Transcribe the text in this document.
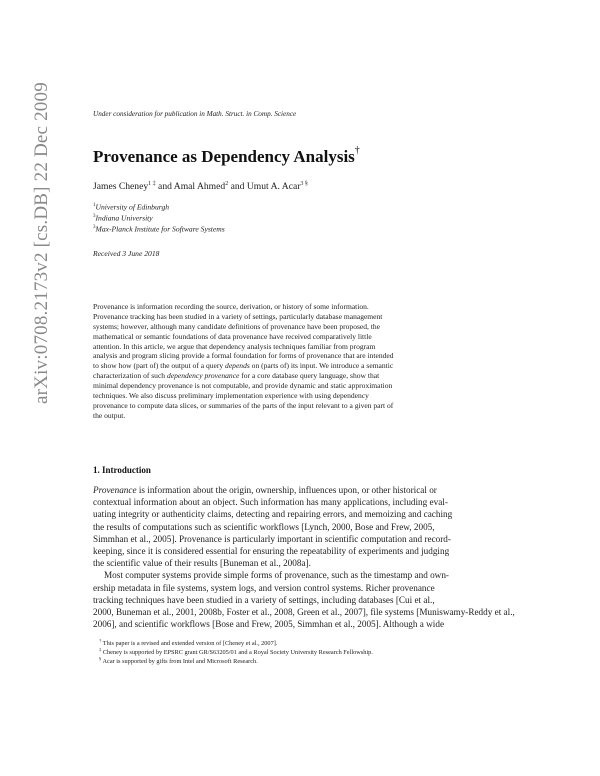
arXiv:0708.2173v2 [cs.DB] 22 Dec 2009	Under consideration for publication in Math. Struct. in Comp. Science
Provenance as Dependency Analysis†
James Cheney$^{1 \ddagger}$ and Amal Ahmed$^2$ and Umut A. Acar$^{3 \S}$
$^1$University of Edinburgh
$^3$Indiana University
$^3$Max-Planck Institute for Software Systems
Received 3 June 2018
Provenance is information recording the source, derivation, or history of some information.
Provenance tracking has been studied in a variety of settings, particularly database management
systems; however, although many candidate definitions of provenance have been proposed, the
mathematical or semantic foundations of data provenance have received comparatively little
attention. In this article, we argue that dependency analysis techniques familiar from program
analysis and program slicing provide a formal foundation for forms of provenance that are intended
to show how (part of) the output of a query depends on (parts of) its input. We introduce a semantic
characterization of such dependency provenance for a core database query language, show that
minimal dependency provenance is not computable, and provide dynamic and static approximation
techniques. We also discuss preliminary implementation experience with using dependency
provenance to compute data slices, or summaries of the parts of the input relevant to a given part of
the output.
1. Introduction
Provenance is information about the origin, ownership, influences upon, or other historical or
contextual information about an object. Such information has many applications, including eval-
uating integrity or authenticity claims, detecting and repairing errors, and memoizing and caching
the results of computations such as scientific workflows [Lynch, 2000, Bose and Frew, 2005,
Simmhan et al., 2005]. Provenance is particularly important in scientific computation and record-
keeping, since it is considered essential for ensuring the repeatability of experiments and judging
the scientific value of their results [Buneman et al., 2008a].
Most computer systems provide simple forms of provenance, such as the timestamp and own-
ership metadata in file systems, system logs, and version control systems. Richer provenance
tracking techniques have been studied in a variety of settings, including databases [Cui et al.,
2000, Buneman et al., 2001, 2008b, Foster et al., 2008, Green et al., 2007], file systems [Muniswamy-Reddy et al.,
2006], and scientific workflows [Bose and Frew, 2005, Simmhan et al., 2005]. Although a wide
† This paper is a revised and extended version of [Cheney et al., 2007].
‡ Cheney is supported by EPSRC grant GR/S63205/01 and a Royal Society University Research Fellowship.
§ Acar is supported by gifts from Intel and Microsoft Research.
